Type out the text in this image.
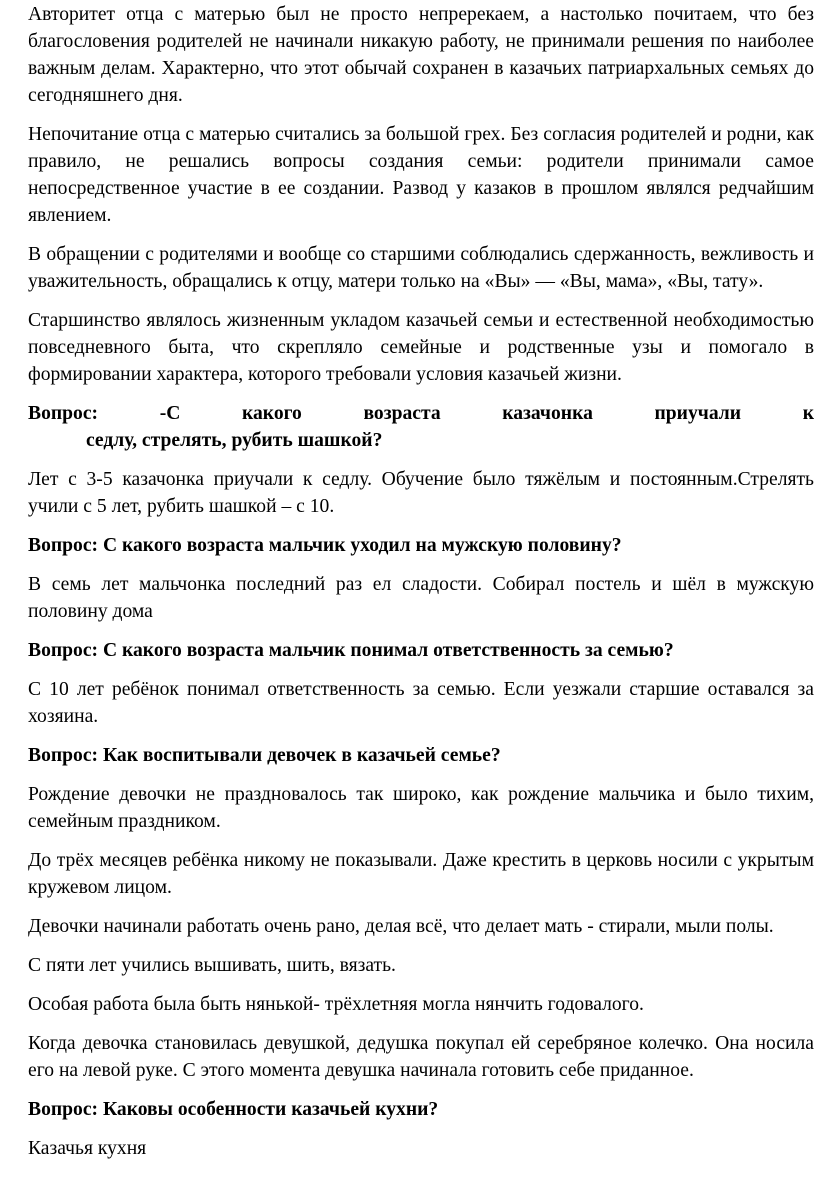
Авторитет отца с матерью был не просто непререкаем, а настолько почитаем, что без благословения родителей не начинали никакую работу, не принимали решения по наиболее важным делам. Характерно, что этот обычай сохранен в казачьих патриархальных семьях до сегодняшнего дня.

Непочитание отца с матерью считались за большой грех. Без согласия родителей и родни, как правило, не решались вопросы создания семьи: родители принимали самое непосредственное участие в ее создании. Развод у казаков в прошлом являлся редчайшим явлением.

В обращении с родителями и вообще со старшими соблюдались сдержанность, вежливость и уважительность, обращались к отцу, матери только на «Вы» — «Вы, мама», «Вы, тату».

Старшинство являлось жизненным укладом казачьей семьи и естественной необходимостью повседневного быта, что скрепляло семейные и родственные узы и помогало в формировании характера, которого требовали условия казачьей жизни.

Вопрос: -С какого возраста казачонка приучали к

седлу, стрелять, рубить шашкой?

Лет с 3-5 казачонка приучали к седлу. Обучение было тяжёлым и постоянным.Стрелять учили с 5 лет, рубить шашкой – с 10.

Вопрос: С какого возраста мальчик уходил на мужскую половину?

В семь лет мальчонка последний раз ел сладости. Собирал постель и шёл в мужскую половину дома

Вопрос: С какого возраста мальчик понимал ответственность за семью?

С 10 лет ребёнок понимал ответственность за семью. Если уезжали старшие оставался за хозяина.

Вопрос: Как воспитывали девочек в казачьей семье?

Рождение девочки не праздновалось так широко, как рождение мальчика и было тихим, семейным праздником.

До трёх месяцев ребёнка никому не показывали. Даже крестить в церковь носили с укрытым кружевом лицом.

Девочки начинали работать очень рано, делая всё, что делает мать - стирали, мыли полы.

С пяти лет учились вышивать, шить, вязать.

Особая работа была быть нянькой- трёхлетняя могла нянчить годовалого.

Когда девочка становилась девушкой, дедушка покупал ей серебряное колечко. Она носила его на левой руке. С этого момента девушка начинала готовить себе приданное.

Вопрос: Каковы особенности казачьей кухни?

Казачья кухня
